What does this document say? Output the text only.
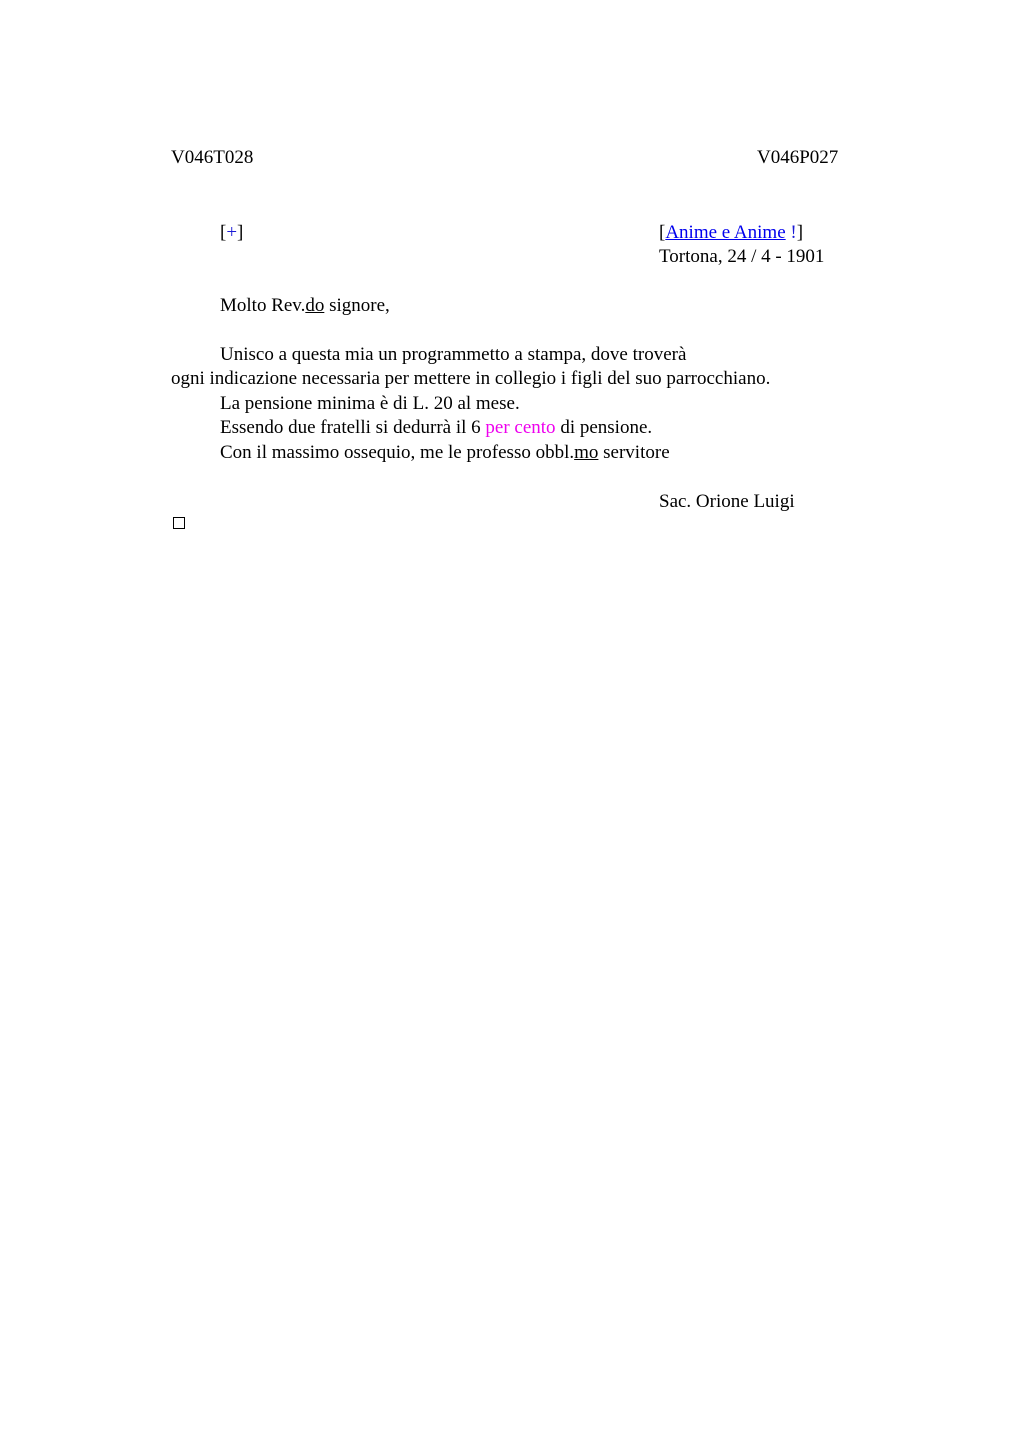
V046T028	V046P027
[+]	[Anime e Anime !]
Tortona, 24 / 4 - 1901
Molto Rev.do signore,
Unisco a questa mia un programmetto a stampa, dove troverà
ogni indicazione necessaria per mettere in collegio i figli del suo parrocchiano.
La pensione minima è di L. 20 al mese.
Essendo due fratelli si dedurrà il 6 per cento di pensione.
Con il massimo ossequio, me le professo obbl.mo servitore
Sac. Orione Luigi
